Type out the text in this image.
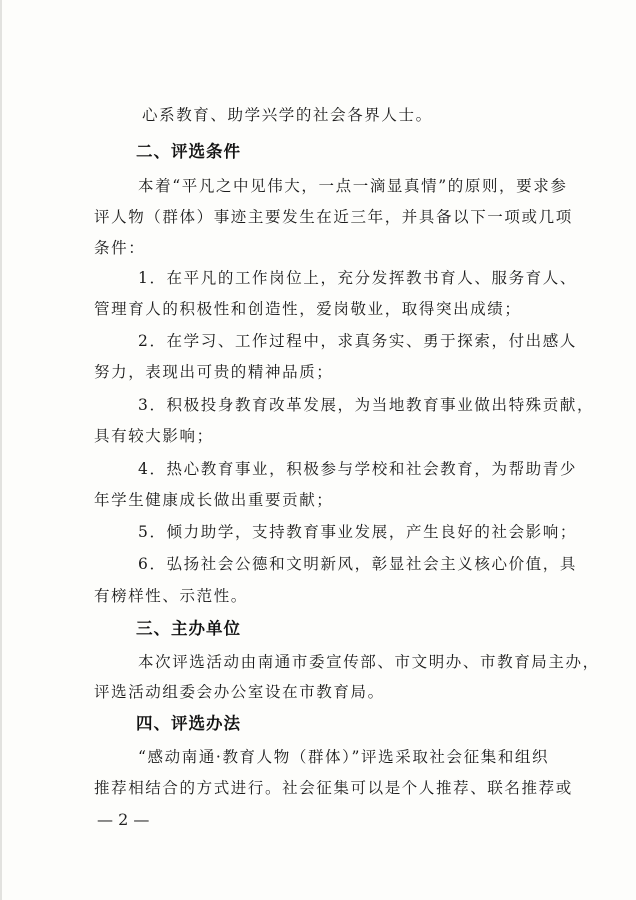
心系教育、助学兴学的社会各界人士。
二、评选条件
本着“平凡之中见伟大，一点一滴显真情”的原则，要求参
评人物（群体）事迹主要发生在近三年，并具备以下一项或几项
条件：
1．在平凡的工作岗位上，充分发挥教书育人、服务育人、
管理育人的积极性和创造性，爱岗敬业，取得突出成绩；
2．在学习、工作过程中，求真务实、勇于探索，付出感人
努力，表现出可贵的精神品质；
3．积极投身教育改革发展，为当地教育事业做出特殊贡献，
具有较大影响；
4．热心教育事业，积极参与学校和社会教育，为帮助青少
年学生健康成长做出重要贡献；
5．倾力助学，支持教育事业发展，产生良好的社会影响；
6．弘扬社会公德和文明新风，彰显社会主义核心价值，具
有榜样性、示范性。
三、主办单位
本次评选活动由南通市委宣传部、市文明办、市教育局主办，
评选活动组委会办公室设在市教育局。
四、评选办法
“感动南通·教育人物（群体）”评选采取社会征集和组织
推荐相结合的方式进行。社会征集可以是个人推荐、联名推荐或
— 2 —
